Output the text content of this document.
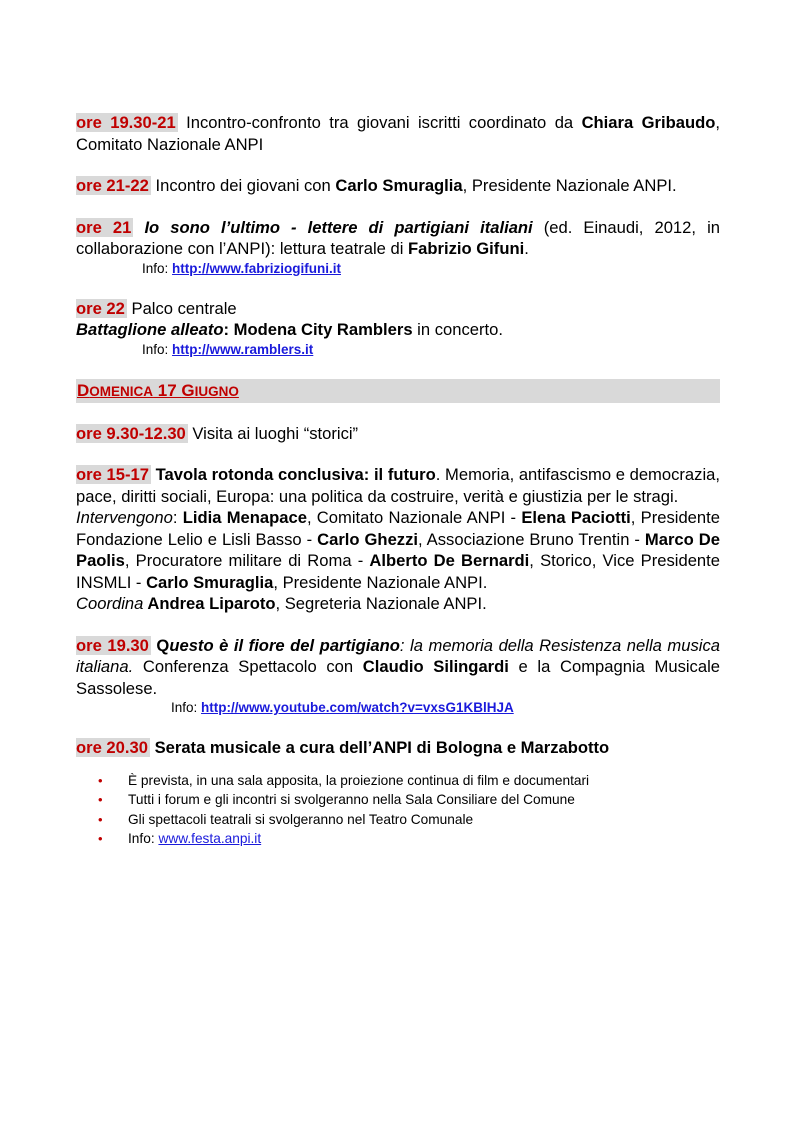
ore 19.30-21 Incontro-confronto tra giovani iscritti coordinato da Chiara Gribaudo, Comitato Nazionale ANPI

ore 21-22 Incontro dei giovani con Carlo Smuraglia, Presidente Nazionale ANPI.

ore 21 Io sono l’ultimo - lettere di partigiani italiani (ed. Einaudi, 2012, in collaborazione con l’ANPI): lettura teatrale di Fabrizio Gifuni.

Info: http://www.fabriziogifuni.it

ore 22 Palco centrale
Battaglione alleato: Modena City Ramblers in concerto.

Info: http://www.ramblers.it
DOMENICA 17 GIUGNO

ore 9.30-12.30 Visita ai luoghi “storici”

ore 15-17 Tavola rotonda conclusiva: il futuro. Memoria, antifascismo e democrazia, pace, diritti sociali, Europa: una politica da costruire, verità e giustizia per le stragi.
Intervengono: Lidia Menapace, Comitato Nazionale ANPI - Elena Paciotti, Presidente Fondazione Lelio e Lisli Basso - Carlo Ghezzi, Associazione Bruno Trentin - Marco De Paolis, Procuratore militare di Roma - Alberto De Bernardi, Storico, Vice Presidente INSMLI - Carlo Smuraglia, Presidente Nazionale ANPI.
Coordina Andrea Liparoto, Segreteria Nazionale ANPI.

ore 19.30 Questo è il fiore del partigiano: la memoria della Resistenza nella musica italiana. Conferenza Spettacolo con Claudio Silingardi e la Compagnia Musicale Sassolese.

Info: http://www.youtube.com/watch?v=vxsG1KBlHJA

ore 20.30 Serata musicale a cura dell’ANPI di Bologna e Marzabotto

• È prevista, in una sala apposita, la proiezione continua di film e documentari
• Tutti i forum e gli incontri si svolgeranno nella Sala Consiliare del Comune
• Gli spettacoli teatrali si svolgeranno nel Teatro Comunale
• Info: www.festa.anpi.it
